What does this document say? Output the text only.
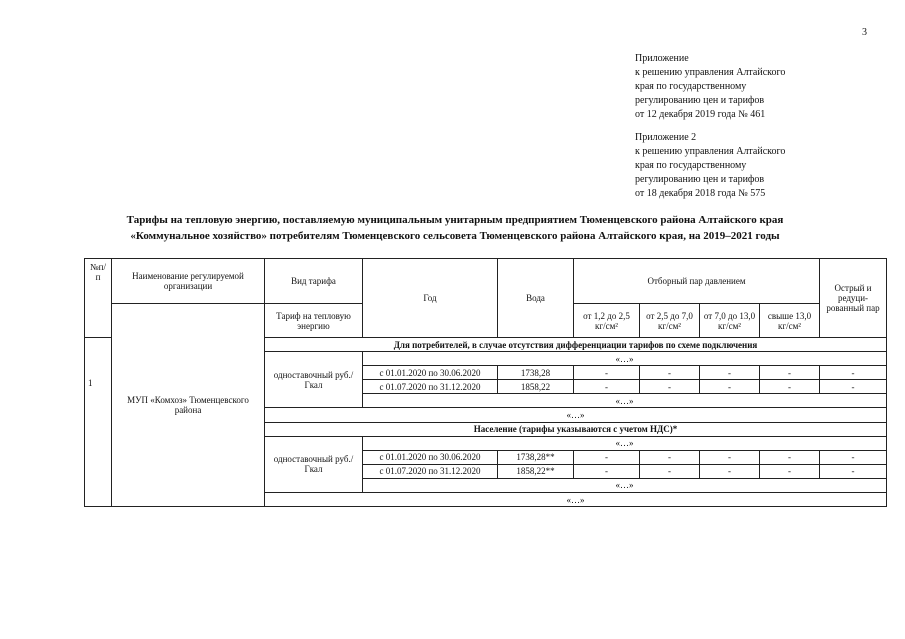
3
Приложение
к решению управления Алтайского
края по государственному
регулированию цен и тарифов
от 12 декабря 2019 года № 461
Приложение 2
к решению управления Алтайского
края по государственному
регулированию цен и тарифов
от 18 декабря 2018 года № 575
Тарифы на тепловую энергию, поставляемую муниципальным унитарным предприятием Тюменцевского района Алтайского края
«Коммунальное хозяйство» потребителям Тюменцевского сельсовета Тюменцевского района Алтайского края, на 2019–2021 годы
№п/п	Наименование регулируемой организации	Вид тарифа	Год	Вода	Отборный пар давлением				Острый и редуци-рованный пар
	МУП «Комхоз» Тюменцевского района	Тариф на тепловую энергию			от 1,2 до 2,5 кг/см²	от 2,5 до 7,0 кг/см²	от 7,0 до 13,0 кг/см²	свыше 13,0 кг/см²	
1		Для потребителей, в случае отсутствия дифференциации тарифов по схеме подключения							
		одноставочный руб./Гкал	«…»						
			с 01.01.2020 по 30.06.2020	1738,28	-	-	-	-	-
			с 01.07.2020 по 31.12.2020	1858,22	-	-	-	-	-
			«…»						
		«…»							
		Население (тарифы указываются с учетом НДС)*							
		одноставочный руб./Гкал	«…»						
			с 01.01.2020 по 30.06.2020	1738,28**	-	-	-	-	-
			с 01.07.2020 по 31.12.2020	1858,22**	-	-	-	-	-
			«…»						
		«…»							
